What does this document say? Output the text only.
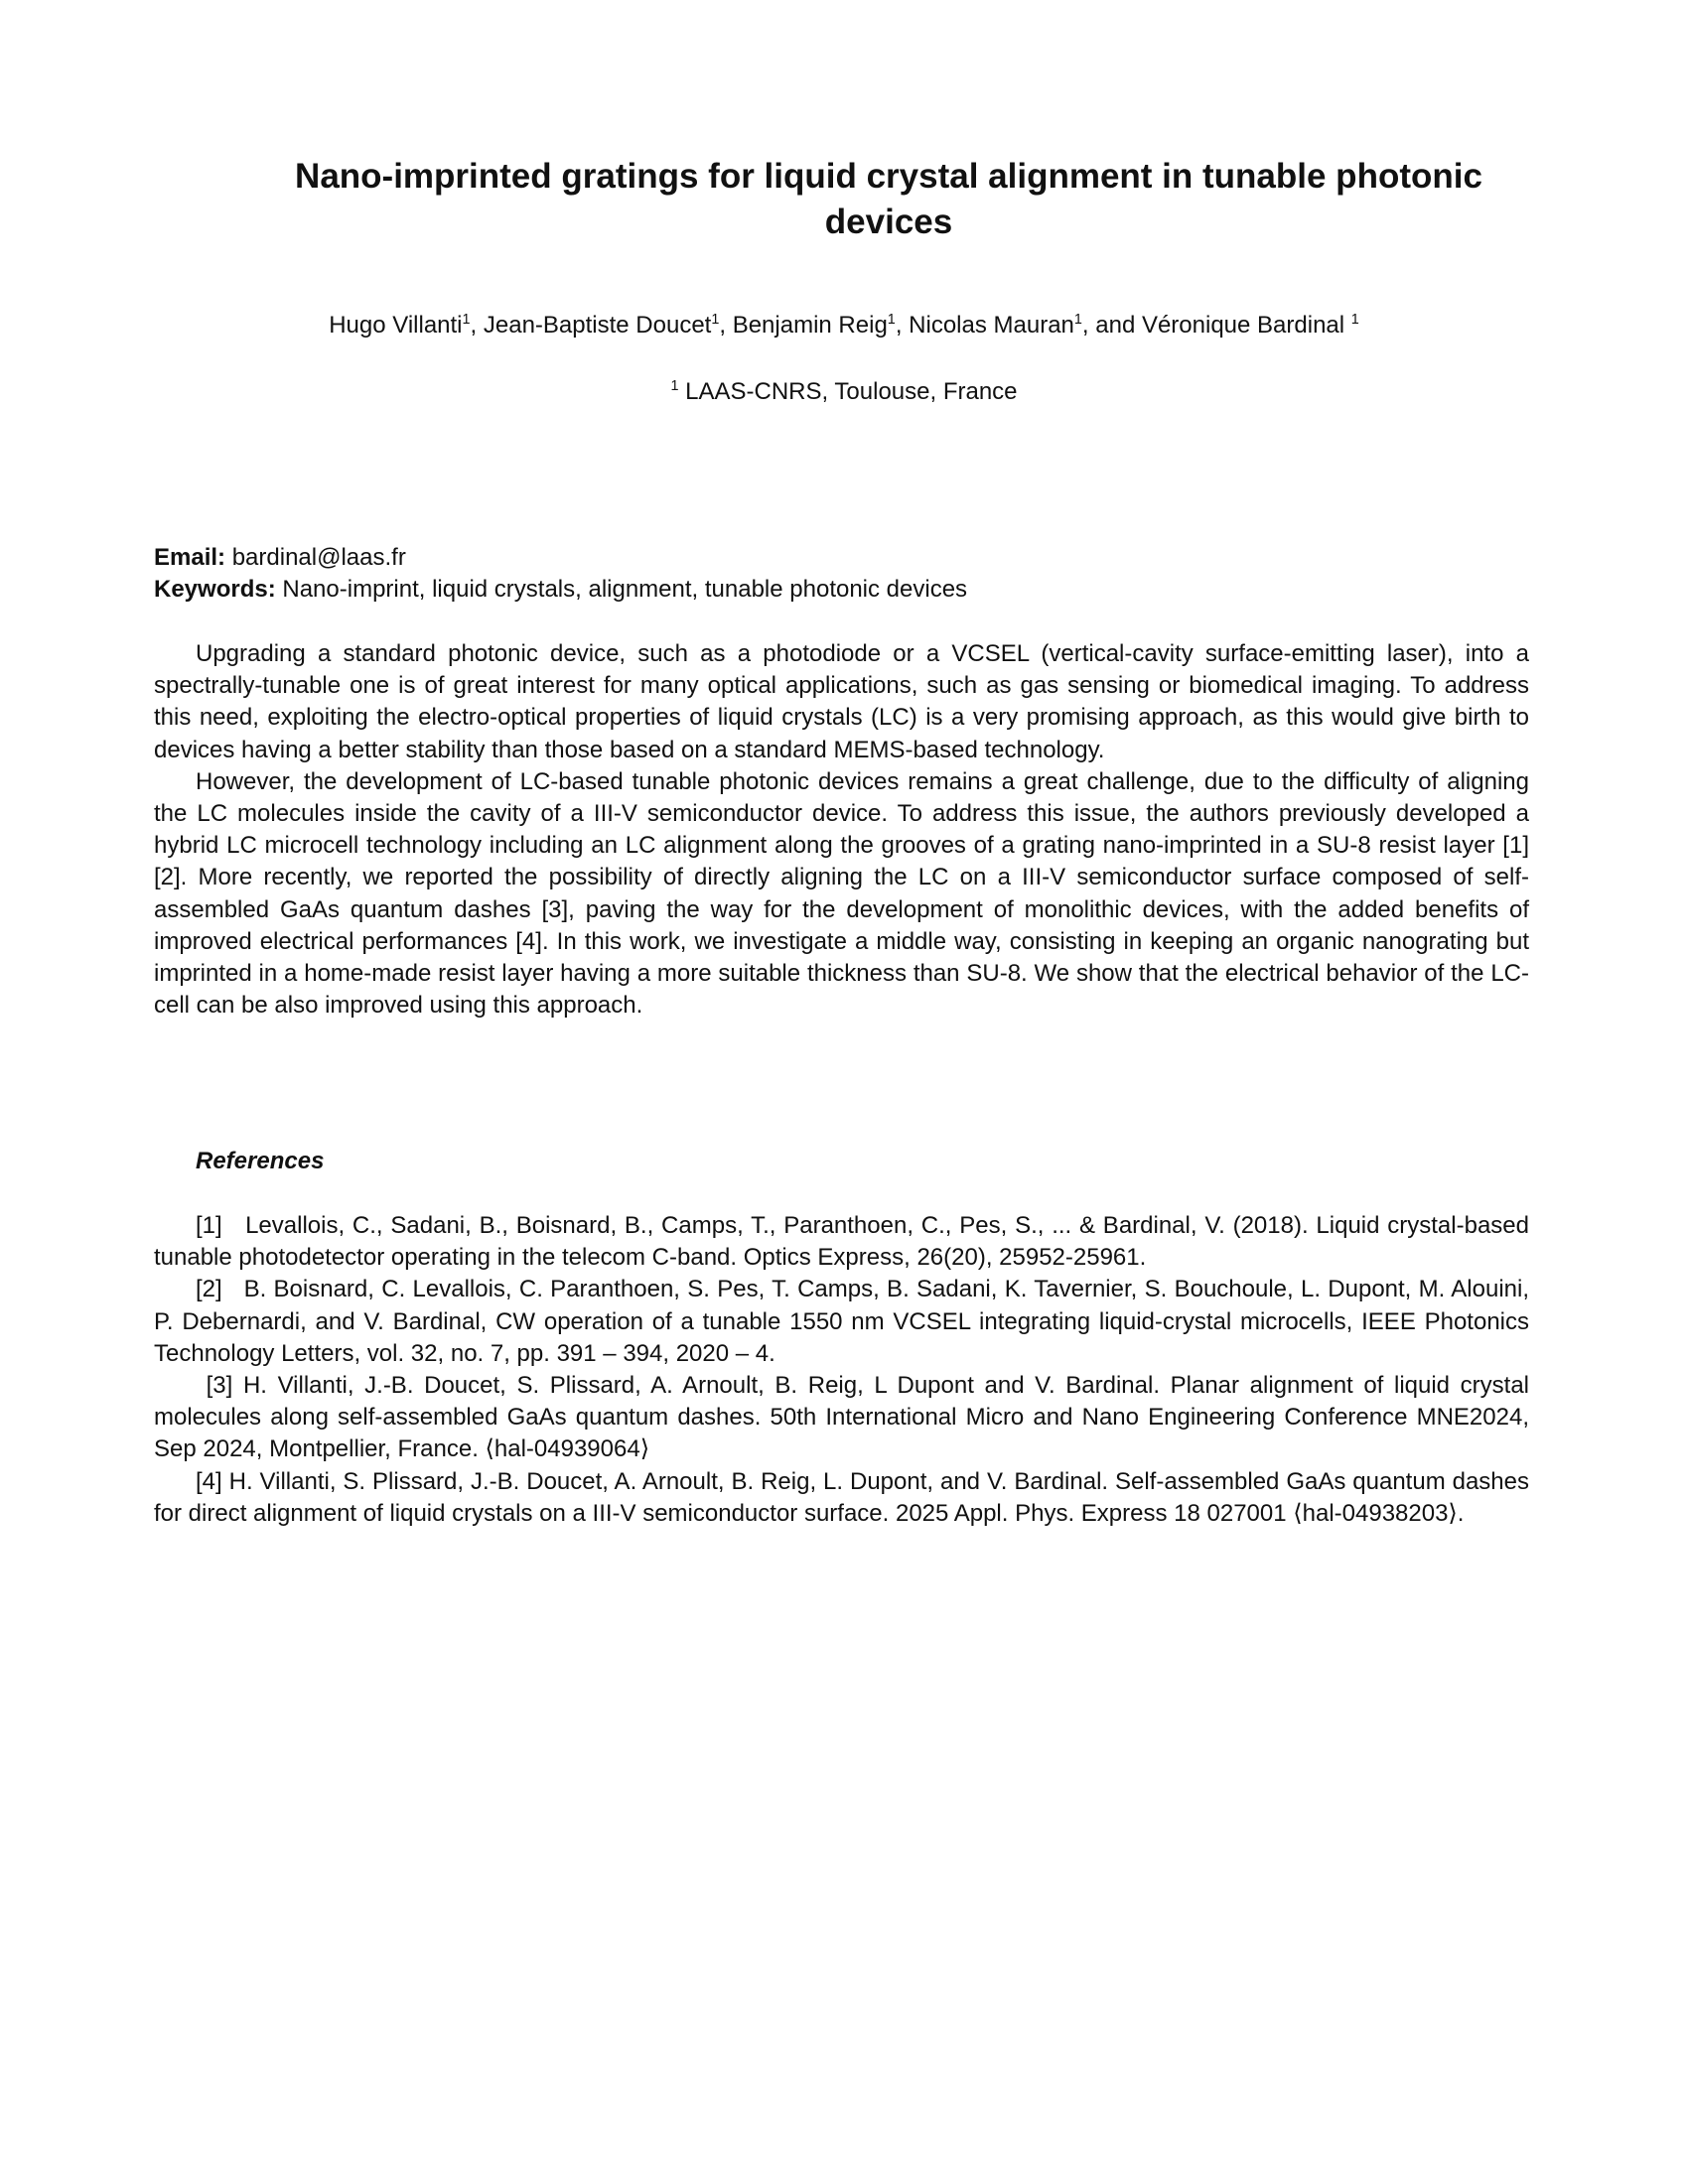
Nano-imprinted gratings for liquid crystal alignment in tunable photonic devices
Hugo Villanti$^1$, Jean-Baptiste Doucet$^1$, Benjamin Reig$^1$, Nicolas Mauran$^1$, and Véronique Bardinal $^1$
$^1$ LAAS-CNRS, Toulouse, France
Email: bardinal@laas.fr
Keywords: Nano-imprint, liquid crystals, alignment, tunable photonic devices

Upgrading a standard photonic device, such as a photodiode or a VCSEL (vertical-cavity surface-emitting laser), into a spectrally-tunable one is of great interest for many optical applications, such as gas sensing or biomedical imaging. To address this need, exploiting the electro-optical properties of liquid crystals (LC) is a very promising approach, as this would give birth to devices having a better stability than those based on a standard MEMS-based technology.

However, the development of LC-based tunable photonic devices remains a great challenge, due to the difficulty of aligning the LC molecules inside the cavity of a III-V semiconductor device. To address this issue, the authors previously developed a hybrid LC microcell technology including an LC alignment along the grooves of a grating nano-imprinted in a SU-8 resist layer [1][2]. More recently, we reported the possibility of directly aligning the LC on a III-V semiconductor surface composed of self-assembled GaAs quantum dashes [3], paving the way for the development of monolithic devices, with the added benefits of improved electrical performances [4]. In this work, we investigate a middle way, consisting in keeping an organic nanograting but imprinted in a home-made resist layer having a more suitable thickness than SU-8. We show that the electrical behavior of the LC-cell can be also improved using this approach.

References

[1]   Levallois, C., Sadani, B., Boisnard, B., Camps, T., Paranthoen, C., Pes, S., ... & Bardinal, V. (2018). Liquid crystal-based tunable photodetector operating in the telecom C-band. Optics Express, 26(20), 25952-25961.

[2]   B. Boisnard, C. Levallois, C. Paranthoen, S. Pes, T. Camps, B. Sadani, K. Tavernier, S. Bouchoule, L. Dupont, M. Alouini, P. Debernardi, and V. Bardinal, CW operation of a tunable 1550 nm VCSEL integrating liquid-crystal microcells, IEEE Photonics Technology Letters, vol. 32, no. 7, pp. 391 – 394, 2020 – 4.

[3] H. Villanti, J.-B. Doucet, S. Plissard, A. Arnoult, B. Reig, L Dupont and V. Bardinal. Planar alignment of liquid crystal molecules along self-assembled GaAs quantum dashes. 50th International Micro and Nano Engineering Conference MNE2024, Sep 2024, Montpellier, France. ⟨hal-04939064⟩

[4] H. Villanti, S. Plissard, J.-B. Doucet, A. Arnoult, B. Reig, L. Dupont, and V. Bardinal. Self-assembled GaAs quantum dashes for direct alignment of liquid crystals on a III-V semiconductor surface. 2025 Appl. Phys. Express 18 027001 ⟨hal-04938203⟩.
